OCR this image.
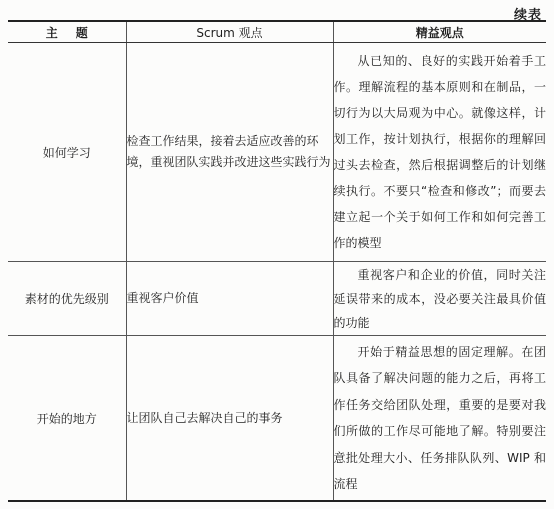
续表
主题	Scrum 观点	精益观点
如何学习	检查工作结果，接着去适应改善的环境，重视团队实践并改进这些实践行为	从已知的、良好的实践开始着手工作。理解流程的基本原则和在制品，一切行为以大局观为中心。就像这样，计划工作，按计划执行，根据你的理解回过头去检查，然后根据调整后的计划继续执行。不要只“检查和修改”；而要去建立起一个关于如何工作和如何完善工作的模型

素材的优先级别	重视客户价值	重视客户和企业的价值，同时关注延误带来的成本，没必要关注最具价值的功能

开始的地方	让团队自己去解决自己的事务	开始于精益思想的固定理解。在团队具备了解决问题的能力之后，再将工作任务交给团队处理，重要的是要对我们所做的工作尽可能地了解。特别要注意批处理大小、任务排队队列、WIP 和流程
